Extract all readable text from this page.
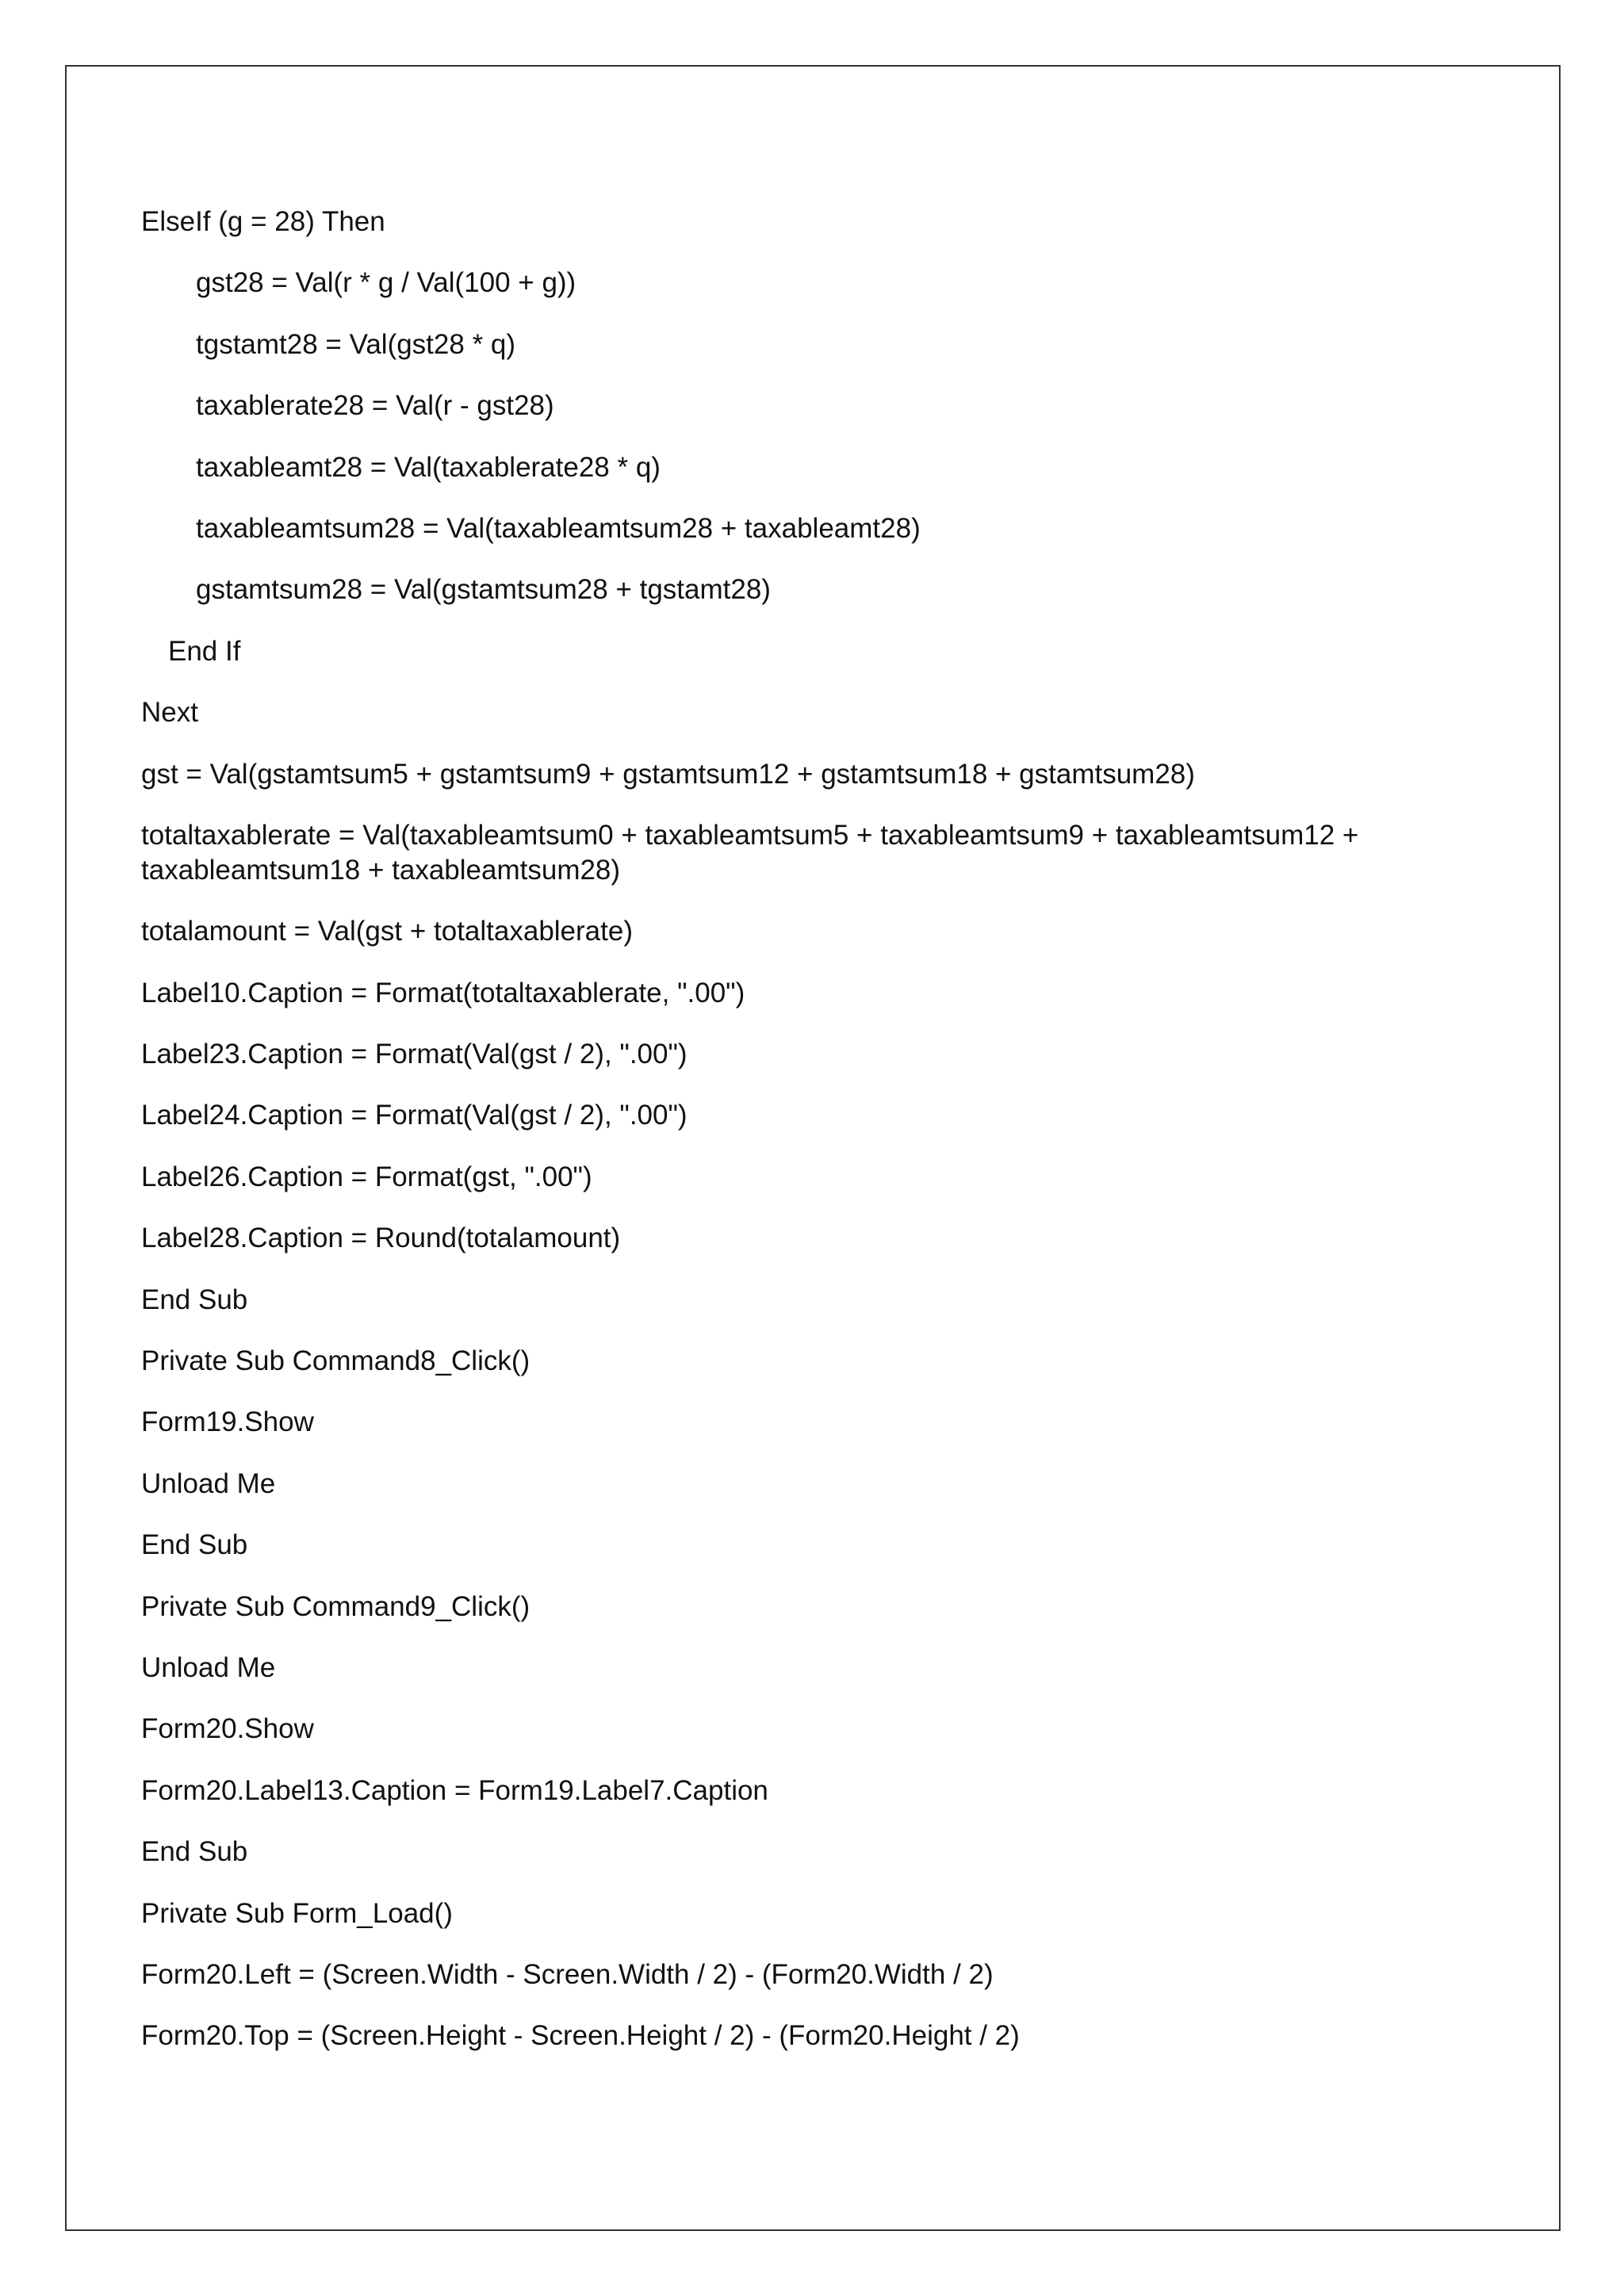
ElseIf (g = 28) Then
gst28 = Val(r * g / Val(100 + g))
tgstamt28 = Val(gst28 * q)
taxablerate28 = Val(r - gst28)
taxableamt28 = Val(taxablerate28 * q)
taxableamtsum28 = Val(taxableamtsum28 + taxableamt28)
gstamtsum28 = Val(gstamtsum28 + tgstamt28)
End If
Next
gst = Val(gstamtsum5 + gstamtsum9 + gstamtsum12 + gstamtsum18 + gstamtsum28)
totaltaxablerate = Val(taxableamtsum0 + taxableamtsum5 + taxableamtsum9 + taxableamtsum12 + taxableamtsum18 + taxableamtsum28)
totalamount = Val(gst + totaltaxablerate)
Label10.Caption = Format(totaltaxablerate, ".00")
Label23.Caption = Format(Val(gst / 2), ".00")
Label24.Caption = Format(Val(gst / 2), ".00")
Label26.Caption = Format(gst, ".00")
Label28.Caption = Round(totalamount)
End Sub
Private Sub Command8_Click()
Form19.Show
Unload Me
End Sub
Private Sub Command9_Click()
Unload Me
Form20.Show
Form20.Label13.Caption = Form19.Label7.Caption
End Sub
Private Sub Form_Load()
Form20.Left = (Screen.Width - Screen.Width / 2) - (Form20.Width / 2)
Form20.Top = (Screen.Height - Screen.Height / 2) - (Form20.Height / 2)
